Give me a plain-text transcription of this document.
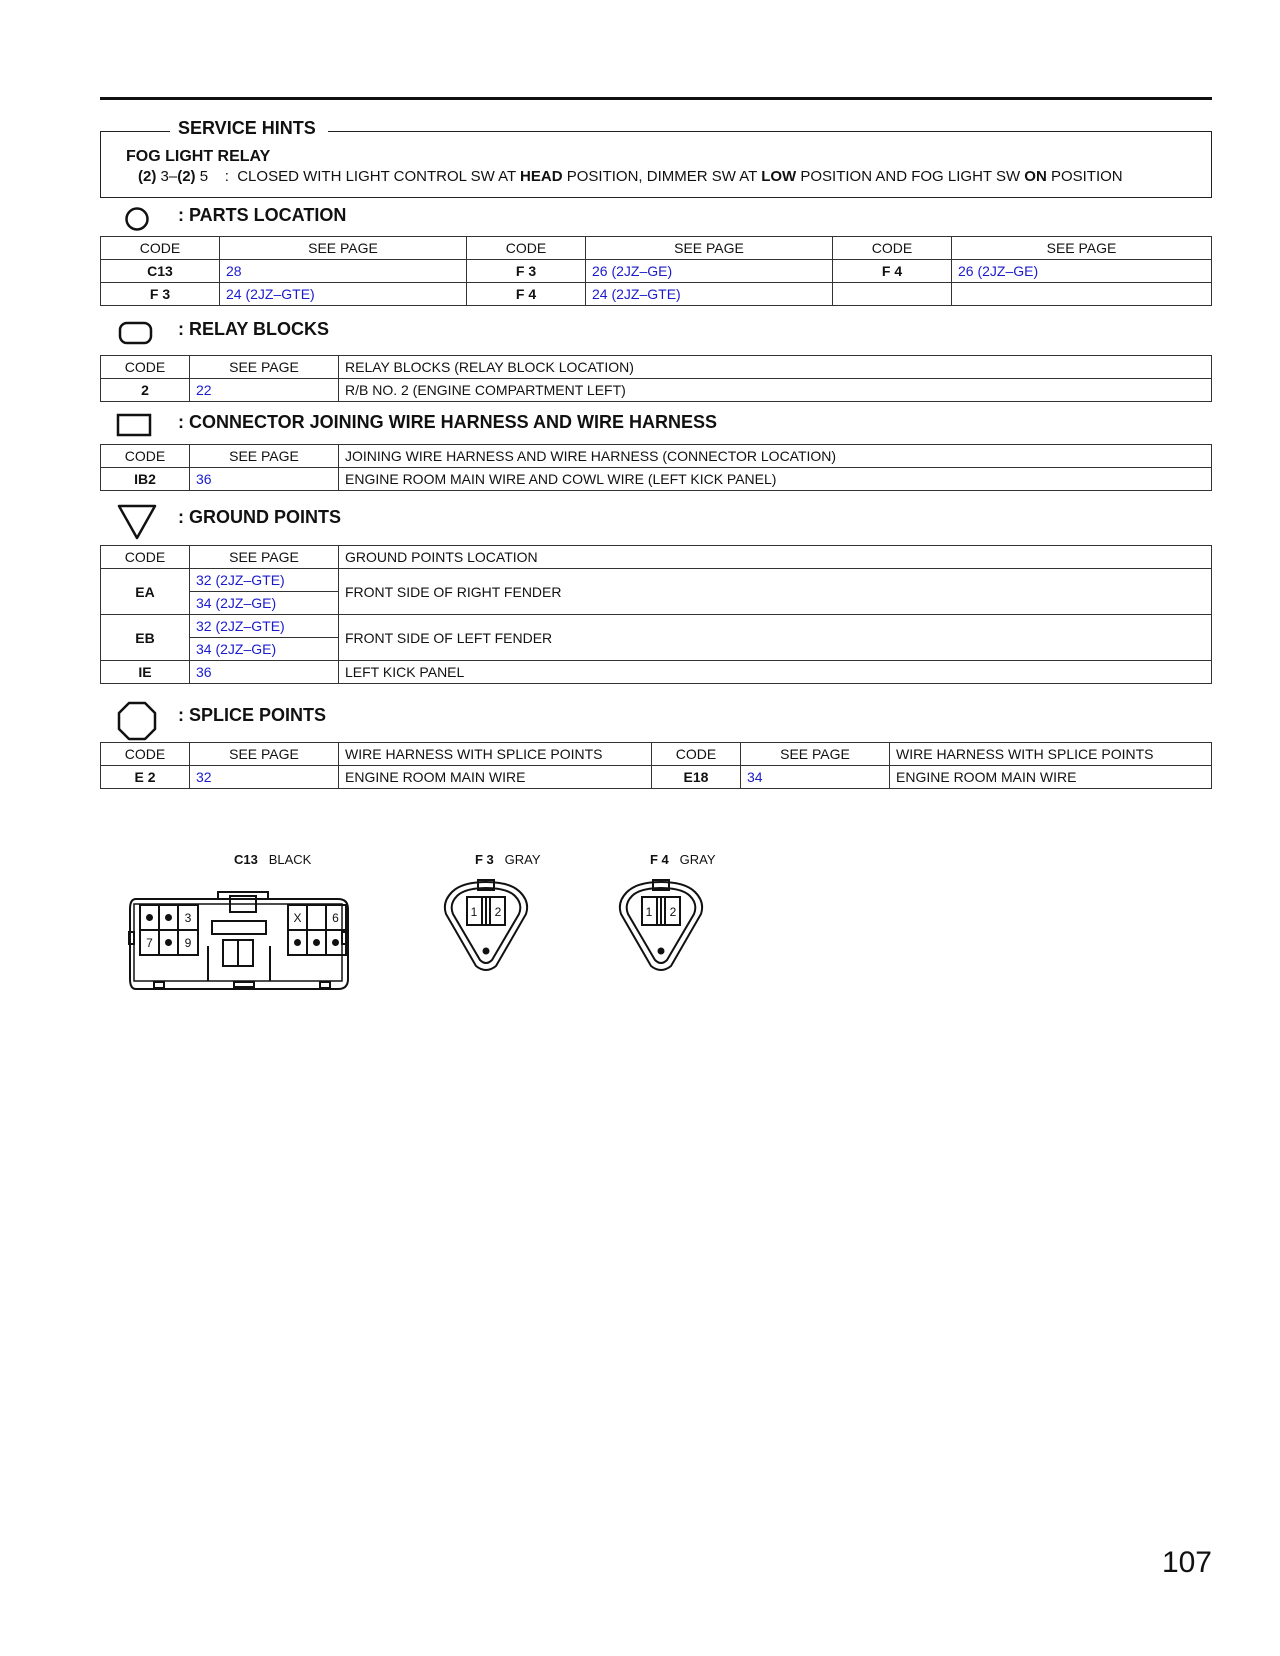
SERVICE HINTS
FOG LIGHT RELAY
(2) 3–(2) 5    :  CLOSED WITH LIGHT CONTROL SW AT HEAD POSITION, DIMMER SW AT LOW POSITION AND FOG LIGHT SW ON POSITION
: PARTS LOCATION
CODE	SEE PAGE	CODE	SEE PAGE	CODE	SEE PAGE
C13	28	F 3	26 (2JZ–GE)	F 4	26 (2JZ–GE)
F 3	24 (2JZ–GTE)	F 4	24 (2JZ–GTE)		
: RELAY BLOCKS
CODE	SEE PAGE	RELAY BLOCKS (RELAY BLOCK LOCATION)
2	22	R/B NO. 2 (ENGINE COMPARTMENT LEFT)
: CONNECTOR JOINING WIRE HARNESS AND WIRE HARNESS
CODE	SEE PAGE	JOINING WIRE HARNESS AND WIRE HARNESS (CONNECTOR LOCATION)
IB2	36	ENGINE ROOM MAIN WIRE AND COWL WIRE (LEFT KICK PANEL)
: GROUND POINTS
CODE	SEE PAGE	GROUND POINTS LOCATION
EA	32 (2JZ–GTE)	FRONT SIDE OF RIGHT FENDER
	34 (2JZ–GE)	
EB	32 (2JZ–GTE)	FRONT SIDE OF LEFT FENDER
	34 (2JZ–GE)	
IE	36	LEFT KICK PANEL
: SPLICE POINTS
CODE	SEE PAGE	WIRE HARNESS WITH SPLICE POINTS	CODE	SEE PAGE	WIRE HARNESS WITH SPLICE POINTS
E 2	32	ENGINE ROOM MAIN WIRE	E18	34	ENGINE ROOM MAIN WIRE
C13 BLACK
3	X	6
7	9
F 3 GRAY
1 2
F 4 GRAY
1 2
107
